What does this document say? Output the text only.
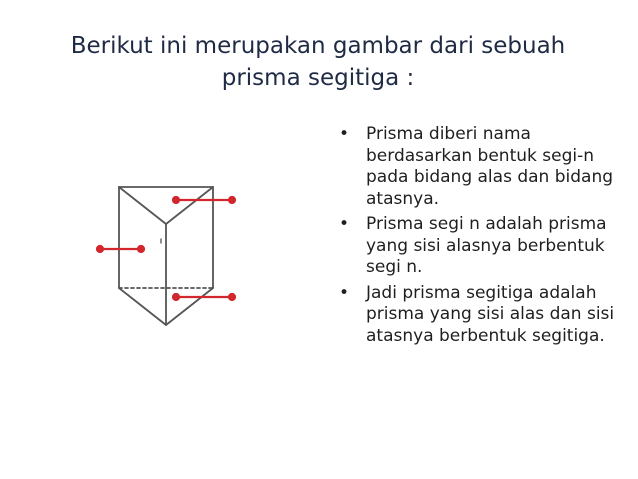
Berikut ini merupakan gambar dari sebuah
prisma segitiga :
• Prisma diberi nama berdasarkan bentuk segi-n pada bidang alas dan bidang atasnya.
• Prisma segi n adalah prisma yang sisi alasnya berbentuk segi n.
• Jadi prisma segitiga adalah prisma yang sisi alas dan sisi atasnya berbentuk segitiga.
